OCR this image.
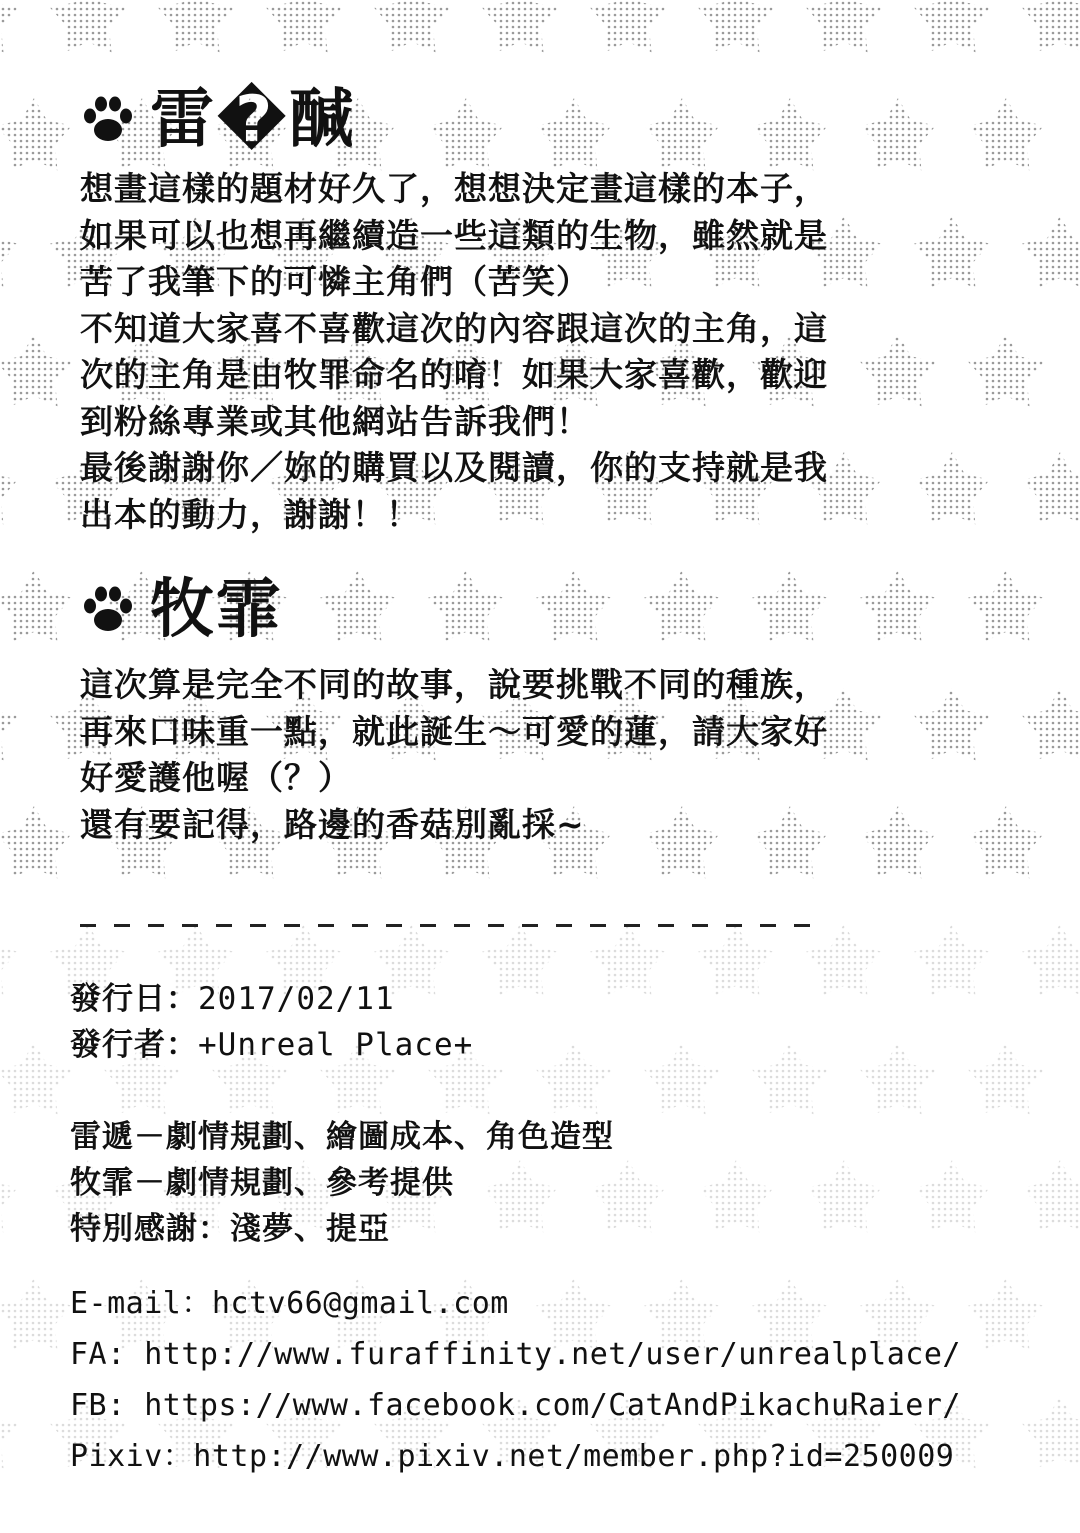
雷�醎
想畫這樣的題材好久了，想想決定畫這樣的本子，
如果可以也想再繼續造一些這類的生物，雖然就是
苦了我筆下的可憐主角們（苦笑）
不知道大家喜不喜歡這次的內容跟這次的主角，這
次的主角是由牧罪命名的唷！如果大家喜歡，歡迎
到粉絲專業或其他網站告訴我們！
最後謝謝你／妳的購買以及閱讀，你的支持就是我
出本的動力，謝謝！！
牧霏
這次算是完全不同的故事，說要挑戰不同的種族，
再來口味重一點，就此誕生～可愛的蓮，請大家好
好愛護他喔（？）
還有要記得，路邊的香菇別亂採~
發行日：2017/02/11
發行者：+Unreal Place+
雷遞－劇情規劃、繪圖成本、角色造型
牧霏－劇情規劃、參考提供
特別感謝：淺夢、提亞
E-mail：hctv66@gmail.com
FA: http://www.furaffinity.net/user/unrealplace/
FB: https://www.facebook.com/CatAndPikachuRaier/
Pixiv：http://www.pixiv.net/member.php?id=250009
